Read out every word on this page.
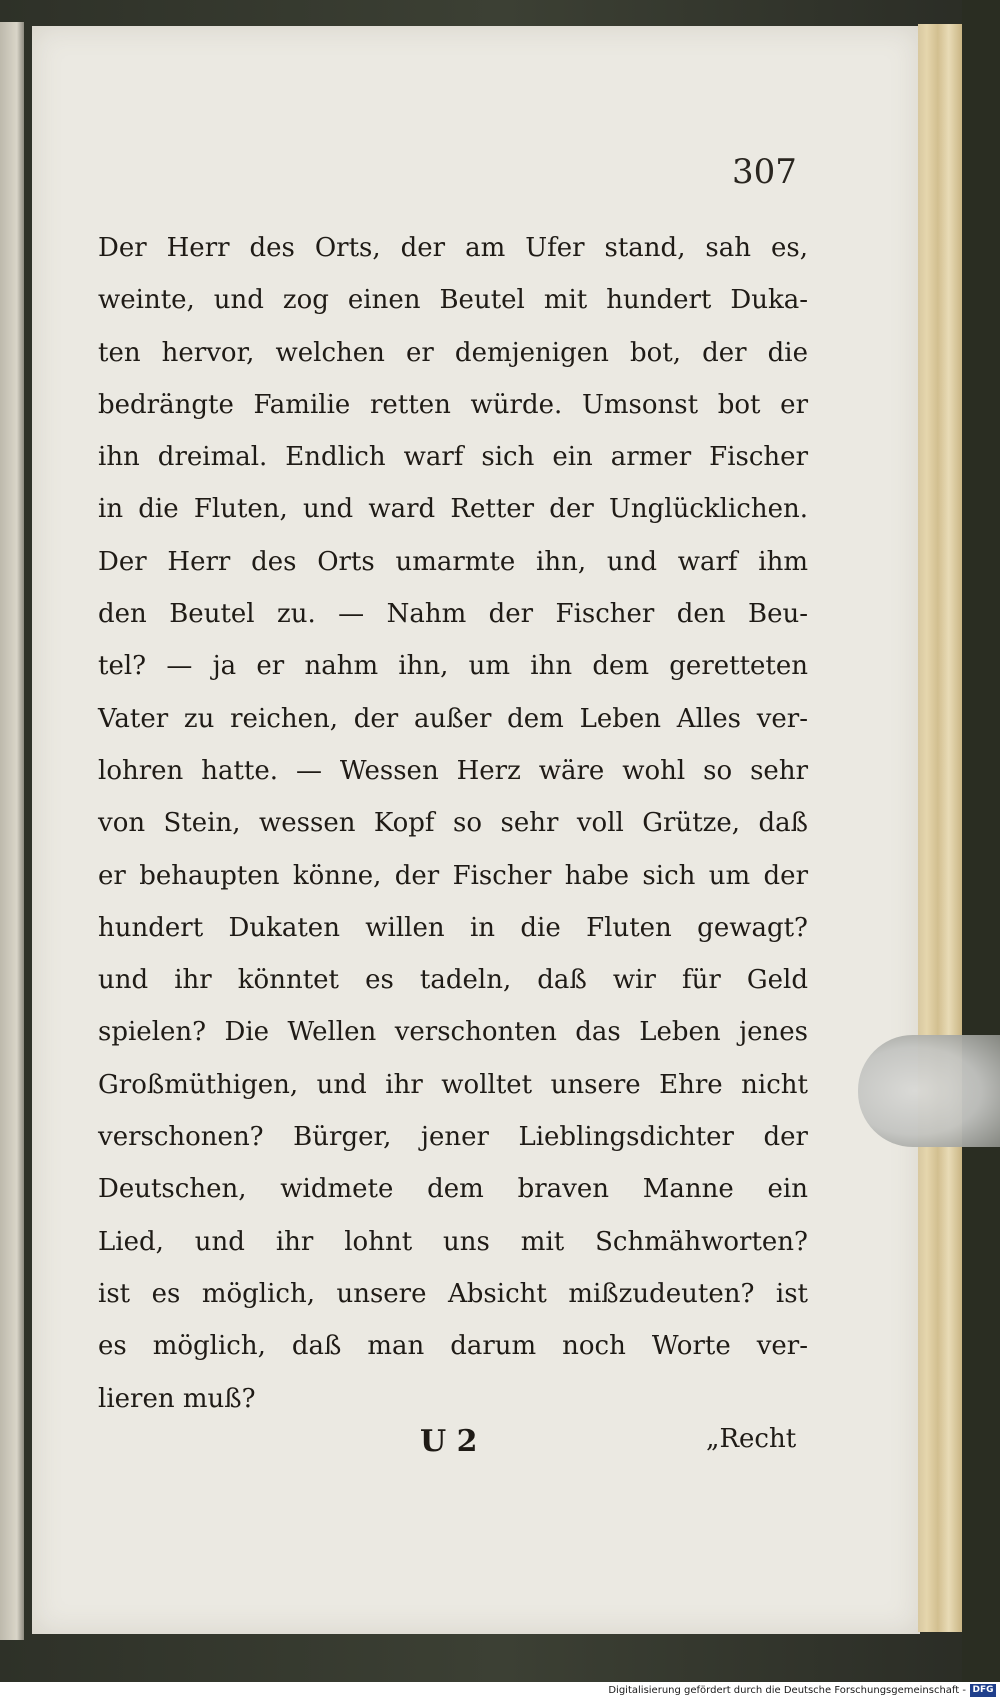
307
Der Herr des Orts, der am Ufer stand, sah es,
weinte, und zog einen Beutel mit hundert Duka-
ten hervor, welchen er demjenigen bot, der die
bedrängte Familie retten würde. Umsonst bot er
ihn dreimal. Endlich warf sich ein armer Fischer
in die Fluten, und ward Retter der Unglücklichen.
Der Herr des Orts umarmte ihn, und warf ihm
den Beutel zu. — Nahm der Fischer den Beu-
tel? — ja er nahm ihn, um ihn dem geretteten
Vater zu reichen, der außer dem Leben Alles ver-
lohren hatte. — Wessen Herz wäre wohl so sehr
von Stein, wessen Kopf so sehr voll Grütze, daß
er behaupten könne, der Fischer habe sich um der
hundert Dukaten willen in die Fluten gewagt?
und ihr könntet es tadeln, daß wir für Geld
spielen? Die Wellen verschonten das Leben jenes
Großmüthigen, und ihr wolltet unsere Ehre nicht
verschonen? Bürger, jener Lieblingsdichter der
Deutschen, widmete dem braven Manne ein
Lied, und ihr lohnt uns mit Schmähworten?
ist es möglich, unsere Absicht mißzudeuten? ist
es möglich, daß man darum noch Worte ver-
lieren muß?
U 2	„Recht
Digitalisierung gefördert durch die Deutsche Forschungsgemeinschaft - DFG
